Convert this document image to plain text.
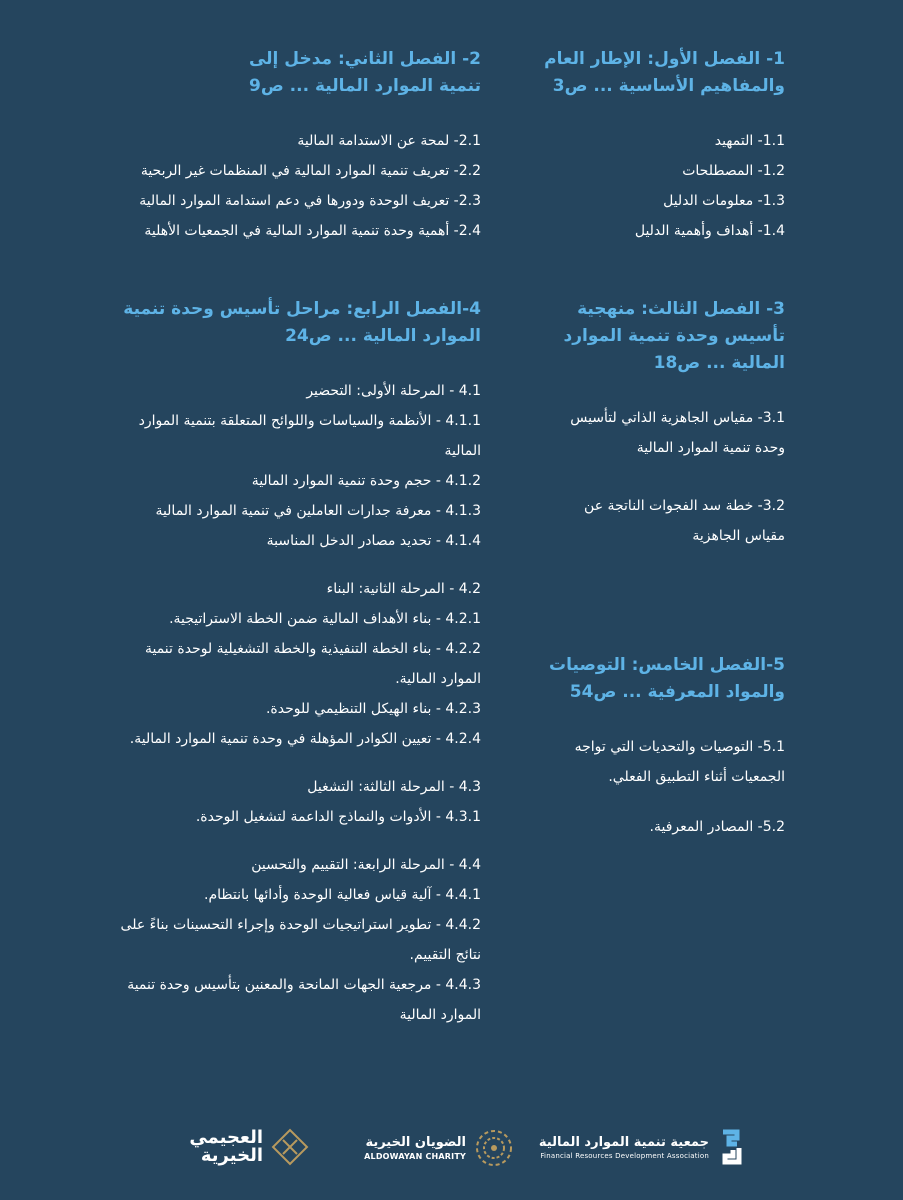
1- الفصل الأول: الإطار العام والمفاهيم الأساسية ... ص3
1.1- التمهيد
1.2- المصطلحات
1.3- معلومات الدليل
1.4- أهداف وأهمية الدليل
3- الفصل الثالث: منهجية تأسيس وحدة تنمية الموارد المالية ... ص18
3.1- مقياس الجاهزية الذاتي لتأسيس وحدة تنمية الموارد المالية
3.2- خطة سد الفجوات الناتجة عن مقياس الجاهزية
5-الفصل الخامس: التوصيات والمواد المعرفية ... ص54
5.1- التوصيات والتحديات التي تواجه الجمعيات أثناء التطبيق الفعلي.
5.2- المصادر المعرفية.
2- الفصل الثاني: مدخل إلى تنمية الموارد المالية ... ص9
2.1- لمحة عن الاستدامة المالية
2.2- تعريف تنمية الموارد المالية في المنظمات غير الربحية
2.3- تعريف الوحدة ودورها في دعم استدامة الموارد المالية
2.4- أهمية وحدة تنمية الموارد المالية في الجمعيات الأهلية
4-الفصل الرابع: مراحل تأسيس وحدة تنمية الموارد المالية ... ص24
4.1 - المرحلة الأولى: التحضير
4.1.1 - الأنظمة والسياسات واللوائح المتعلقة بتنمية الموارد المالية
4.1.2 - حجم وحدة تنمية الموارد المالية
4.1.3 - معرفة جدارات العاملين في تنمية الموارد المالية
4.1.4 - تحديد مصادر الدخل المناسبة
4.2 - المرحلة الثانية: البناء
4.2.1 - بناء الأهداف المالية ضمن الخطة الاستراتيجية.
4.2.2 - بناء الخطة التنفيذية والخطة التشغيلية لوحدة تنمية الموارد المالية.
4.2.3 - بناء الهيكل التنظيمي للوحدة.
4.2.4 - تعيين الكوادر المؤهلة في وحدة تنمية الموارد المالية.
4.3 - المرحلة الثالثة: التشغيل
4.3.1 - الأدوات والنماذج الداعمة لتشغيل الوحدة.
4.4 - المرحلة الرابعة: التقييم والتحسين
4.4.1 - آلية قياس فعالية الوحدة وأدائها بانتظام.
4.4.2 - تطوير استراتيجيات الوحدة وإجراء التحسينات بناءً على نتائج التقييم.
4.4.3 - مرجعية الجهات المانحة والمعنين بتأسيس وحدة تنمية الموارد المالية
جمعية تنمية الموارد المالية
Financial Resources Development Association
الضويان الخيرية
ALDOWAYAN CHARITY
العجيمي
الخيرية
